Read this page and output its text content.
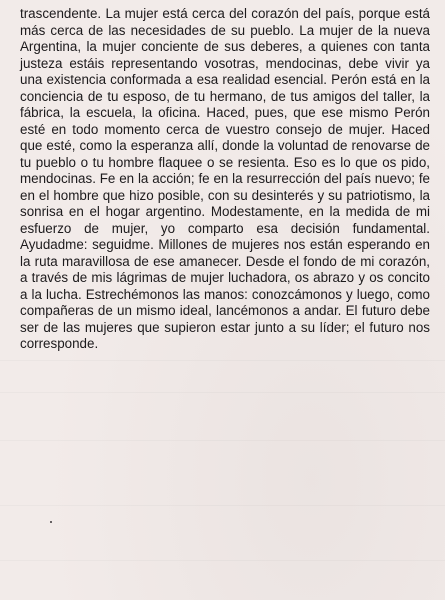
trascendente. La mujer está cerca del corazón del país, porque está más cerca de las necesidades de su pueblo. La mujer de la nueva Argentina, la mujer conciente de sus deberes, a quienes con tanta justeza estáis representando vosotras, mendocinas, debe vivir ya una existencia conformada a esa realidad esencial. Perón está en la conciencia de tu esposo, de tu hermano, de tus amigos del taller, la fábrica, la escuela, la oficina. Haced, pues, que ese mismo Perón esté en todo momento cerca de vuestro consejo de mujer. Haced que esté, como la esperanza allí, donde la voluntad de renovarse de tu pueblo o tu hombre flaquee o se resienta. Eso es lo que os pido, mendocinas. Fe en la acción; fe en la resurrección del país nuevo; fe en el hombre que hizo posible, con su desinterés y su patriotismo, la sonrisa en el hogar argentino. Modestamente, en la medida de mi esfuerzo de mujer, yo comparto esa decisión fundamental. Ayudadme: seguidme. Millones de mujeres nos están esperando en la ruta maravillosa de ese amanecer. Desde el fondo de mi corazón, a través de mis lágrimas de mujer luchadora, os abrazo y os concito a la lucha. Estrechémonos las manos: conozcámonos y luego, como compañeras de un mismo ideal, lancémonos a andar. El futuro debe ser de las mujeres que supieron estar junto a su líder; el futuro nos corresponde.
